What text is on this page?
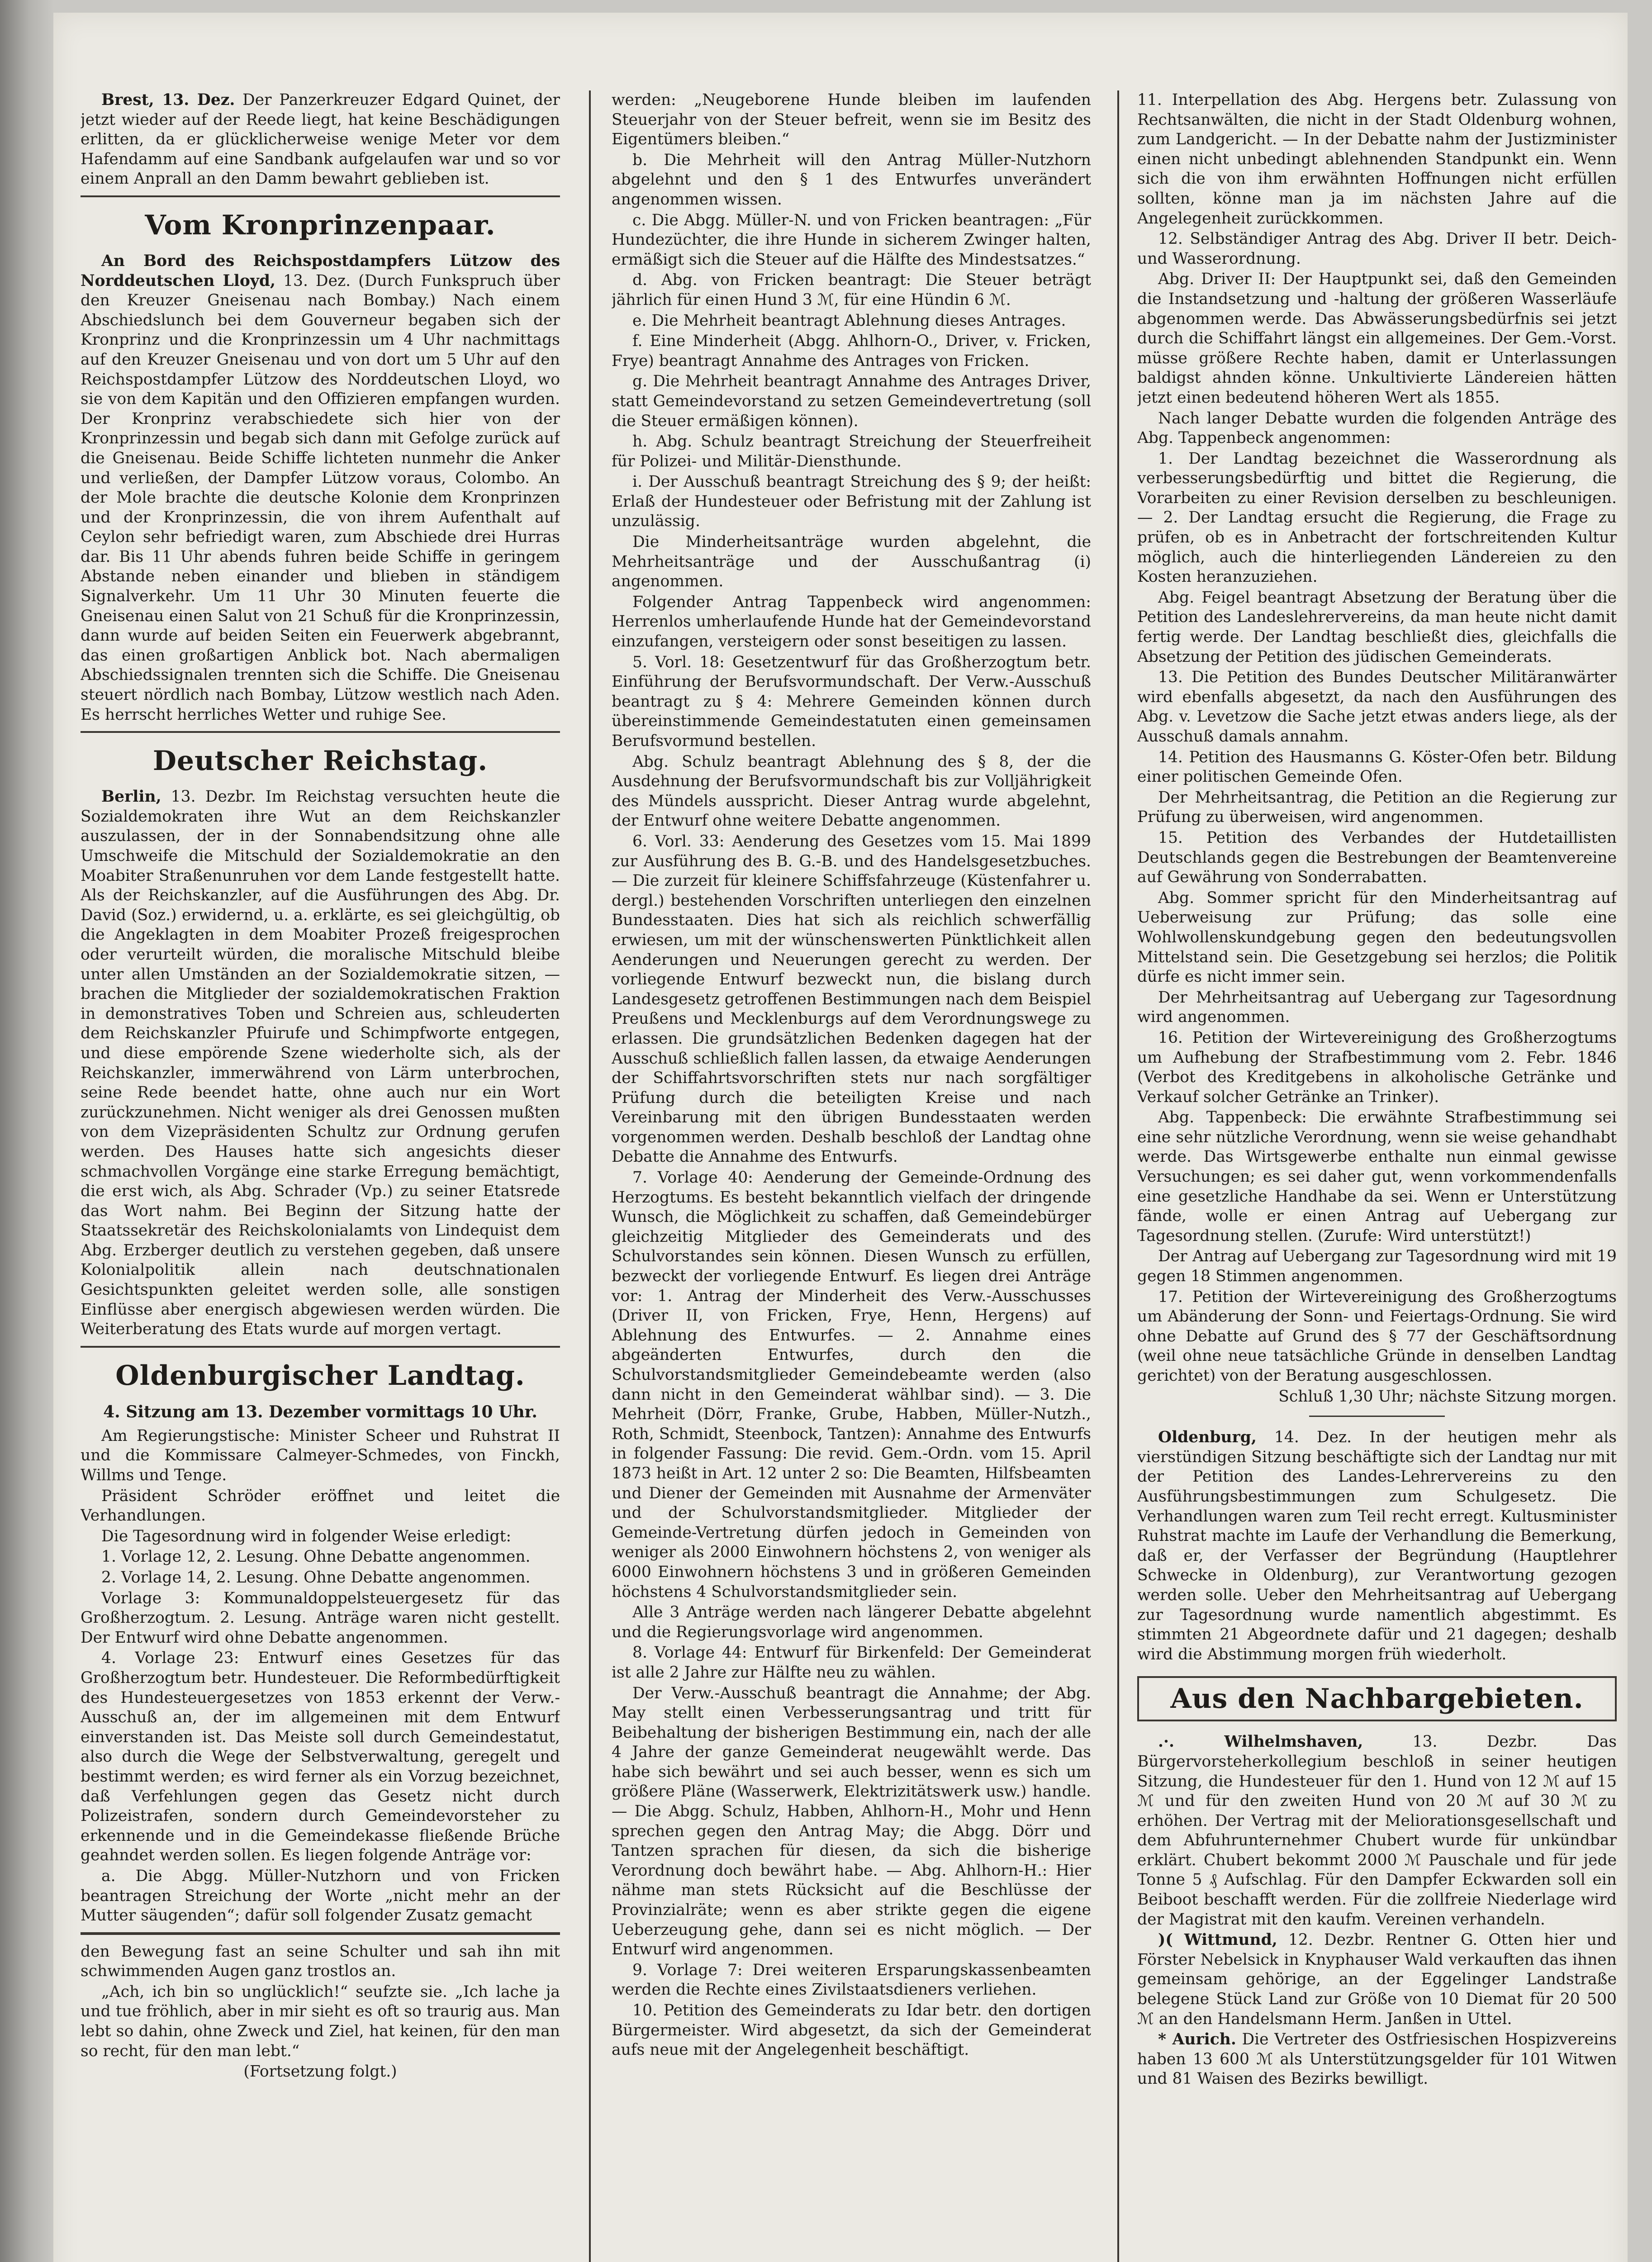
Brest, 13. Dez. Der Panzerkreuzer Edgard Quinet, der jetzt wieder auf der Reede liegt, hat keine Beschädigungen erlitten, da er glücklicherweise wenige Meter vor dem Hafendamm auf eine Sandbank aufgelaufen war und so vor einem Anprall an den Damm bewahrt geblieben ist.

Vom Kronprinzenpaar.

An Bord des Reichspostdampfers Lützow des Norddeutschen Lloyd, 13. Dez. (Durch Funkspruch über den Kreuzer Gneisenau nach Bombay.) Nach einem Abschiedslunch bei dem Gouverneur begaben sich der Kronprinz und die Kronprinzessin um 4 Uhr nachmittags auf den Kreuzer Gneisenau und von dort um 5 Uhr auf den Reichspostdampfer Lützow des Norddeutschen Lloyd, wo sie von dem Kapitän und den Offizieren empfangen wurden. Der Kronprinz verabschiedete sich hier von der Kronprinzessin und begab sich dann mit Gefolge zurück auf die Gneisenau. Beide Schiffe lichteten nunmehr die Anker und verließen, der Dampfer Lützow voraus, Colombo. An der Mole brachte die deutsche Kolonie dem Kronprinzen und der Kronprinzessin, die von ihrem Aufenthalt auf Ceylon sehr befriedigt waren, zum Abschiede drei Hurras dar. Bis 11 Uhr abends fuhren beide Schiffe in geringem Abstande neben einander und blieben in ständigem Signalverkehr. Um 11 Uhr 30 Minuten feuerte die Gneisenau einen Salut von 21 Schuß für die Kronprinzessin, dann wurde auf beiden Seiten ein Feuerwerk abgebrannt, das einen großartigen Anblick bot. Nach abermaligen Abschiedssignalen trennten sich die Schiffe. Die Gneisenau steuert nördlich nach Bombay, Lützow westlich nach Aden. Es herrscht herrliches Wetter und ruhige See.

Deutscher Reichstag.

Berlin, 13. Dezbr. Im Reichstag versuchten heute die Sozialdemokraten ihre Wut an dem Reichskanzler auszulassen, der in der Sonnabendsitzung ohne alle Umschweife die Mitschuld der Sozialdemokratie an den Moabiter Straßenunruhen vor dem Lande festgestellt hatte. Als der Reichskanzler, auf die Ausführungen des Abg. Dr. David (Soz.) erwidernd, u. a. erklärte, es sei gleichgültig, ob die Angeklagten in dem Moabiter Prozeß freigesprochen oder verurteilt würden, die moralische Mitschuld bleibe unter allen Umständen an der Sozialdemokratie sitzen, — brachen die Mitglieder der sozialdemokratischen Fraktion in demonstratives Toben und Schreien aus, schleuderten dem Reichskanzler Pfuirufe und Schimpfworte entgegen, und diese empörende Szene wiederholte sich, als der Reichskanzler, immerwährend von Lärm unterbrochen, seine Rede beendet hatte, ohne auch nur ein Wort zurückzunehmen. Nicht weniger als drei Genossen mußten von dem Vizepräsidenten Schultz zur Ordnung gerufen werden. Des Hauses hatte sich angesichts dieser schmachvollen Vorgänge eine starke Erregung bemächtigt, die erst wich, als Abg. Schrader (Vp.) zu seiner Etatsrede das Wort nahm. Bei Beginn der Sitzung hatte der Staatssekretär des Reichskolonialamts von Lindequist dem Abg. Erzberger deutlich zu verstehen gegeben, daß unsere Kolonialpolitik allein nach deutschnationalen Gesichtspunkten geleitet werden solle, alle sonstigen Einflüsse aber energisch abgewiesen werden würden. Die Weiterberatung des Etats wurde auf morgen vertagt.

Oldenburgischer Landtag.
4. Sitzung am 13. Dezember vormittags 10 Uhr.

Am Regierungstische: Minister Scheer und Ruhstrat II und die Kommissare Calmeyer-Schmedes, von Finckh, Willms und Tenge.

Präsident Schröder eröffnet und leitet die Verhandlungen.

Die Tagesordnung wird in folgender Weise erledigt:

1. Vorlage 12, 2. Lesung. Ohne Debatte angenommen.

2. Vorlage 14, 2. Lesung. Ohne Debatte angenommen.

Vorlage 3: Kommunaldoppelsteuergesetz für das Großherzogtum. 2. Lesung. Anträge waren nicht gestellt. Der Entwurf wird ohne Debatte angenommen.

4. Vorlage 23: Entwurf eines Gesetzes für das Großherzogtum betr. Hundesteuer. Die Reformbedürftigkeit des Hundesteuergesetzes von 1853 erkennt der Verw.-Ausschuß an, der im allgemeinen mit dem Entwurf einverstanden ist. Das Meiste soll durch Gemeindestatut, also durch die Wege der Selbstverwaltung, geregelt und bestimmt werden; es wird ferner als ein Vorzug bezeichnet, daß Verfehlungen gegen das Gesetz nicht durch Polizeistrafen, sondern durch Gemeindevorsteher zu erkennende und in die Gemeindekasse fließende Brüche geahndet werden sollen. Es liegen folgende Anträge vor:

a. Die Abgg. Müller-Nutzhorn und von Fricken beantragen Streichung der Worte „nicht mehr an der Mutter säugenden“; dafür soll folgender Zusatz gemacht

den Bewegung fast an seine Schulter und sah ihn mit schwimmenden Augen ganz trostlos an.

„Ach, ich bin so unglücklich!“ seufzte sie. „Ich lache ja und tue fröhlich, aber in mir sieht es oft so traurig aus. Man lebt so dahin, ohne Zweck und Ziel, hat keinen, für den man so recht, für den man lebt.“

(Fortsetzung folgt.)

werden: „Neugeborene Hunde bleiben im laufenden Steuerjahr von der Steuer befreit, wenn sie im Besitz des Eigentümers bleiben.“

b. Die Mehrheit will den Antrag Müller-Nutzhorn abgelehnt und den § 1 des Entwurfes unverändert angenommen wissen.

c. Die Abgg. Müller-N. und von Fricken beantragen: „Für Hundezüchter, die ihre Hunde in sicherem Zwinger halten, ermäßigt sich die Steuer auf die Hälfte des Mindestsatzes.“

d. Abg. von Fricken beantragt: Die Steuer beträgt jährlich für einen Hund 3 ℳ, für eine Hündin 6 ℳ.

e. Die Mehrheit beantragt Ablehnung dieses Antrages.

f. Eine Minderheit (Abgg. Ahlhorn-O., Driver, v. Fricken, Frye) beantragt Annahme des Antrages von Fricken.

g. Die Mehrheit beantragt Annahme des Antrages Driver, statt Gemeindevorstand zu setzen Gemeindevertretung (soll die Steuer ermäßigen können).

h. Abg. Schulz beantragt Streichung der Steuerfreiheit für Polizei- und Militär-Diensthunde.

i. Der Ausschuß beantragt Streichung des § 9; der heißt: Erlaß der Hundesteuer oder Befristung mit der Zahlung ist unzulässig.

Die Minderheitsanträge wurden abgelehnt, die Mehrheitsanträge und der Ausschußantrag (i) angenommen.

Folgender Antrag Tappenbeck wird angenommen: Herrenlos umherlaufende Hunde hat der Gemeindevorstand einzufangen, versteigern oder sonst beseitigen zu lassen.

5. Vorl. 18: Gesetzentwurf für das Großherzogtum betr. Einführung der Berufsvormundschaft. Der Verw.-Ausschuß beantragt zu § 4: Mehrere Gemeinden können durch übereinstimmende Gemeindestatuten einen gemeinsamen Berufsvormund bestellen.

Abg. Schulz beantragt Ablehnung des § 8, der die Ausdehnung der Berufsvormundschaft bis zur Volljährigkeit des Mündels ausspricht. Dieser Antrag wurde abgelehnt, der Entwurf ohne weitere Debatte angenommen.

6. Vorl. 33: Aenderung des Gesetzes vom 15. Mai 1899 zur Ausführung des B. G.-B. und des Handelsgesetzbuches. — Die zurzeit für kleinere Schiffsfahrzeuge (Küstenfahrer u. dergl.) bestehenden Vorschriften unterliegen den einzelnen Bundesstaaten. Dies hat sich als reichlich schwerfällig erwiesen, um mit der wünschenswerten Pünktlichkeit allen Aenderungen und Neuerungen gerecht zu werden. Der vorliegende Entwurf bezweckt nun, die bislang durch Landesgesetz getroffenen Bestimmungen nach dem Beispiel Preußens und Mecklenburgs auf dem Verordnungswege zu erlassen. Die grundsätzlichen Bedenken dagegen hat der Ausschuß schließlich fallen lassen, da etwaige Aenderungen der Schiffahrtsvorschriften stets nur nach sorgfältiger Prüfung durch die beteiligten Kreise und nach Vereinbarung mit den übrigen Bundesstaaten werden vorgenommen werden. Deshalb beschloß der Landtag ohne Debatte die Annahme des Entwurfs.

7. Vorlage 40: Aenderung der Gemeinde-Ordnung des Herzogtums. Es besteht bekanntlich vielfach der dringende Wunsch, die Möglichkeit zu schaffen, daß Gemeindebürger gleichzeitig Mitglieder des Gemeinderats und des Schulvorstandes sein können. Diesen Wunsch zu erfüllen, bezweckt der vorliegende Entwurf. Es liegen drei Anträge vor: 1. Antrag der Minderheit des Verw.-Ausschusses (Driver II, von Fricken, Frye, Henn, Hergens) auf Ablehnung des Entwurfes. — 2. Annahme eines abgeänderten Entwurfes, durch den die Schulvorstandsmitglieder Gemeindebeamte werden (also dann nicht in den Gemeinderat wählbar sind). — 3. Die Mehrheit (Dörr, Franke, Grube, Habben, Müller-Nutzh., Roth, Schmidt, Steenbock, Tantzen): Annahme des Entwurfs in folgender Fassung: Die revid. Gem.-Ordn. vom 15. April 1873 heißt in Art. 12 unter 2 so: Die Beamten, Hilfsbeamten und Diener der Gemeinden mit Ausnahme der Armenväter und der Schulvorstandsmitglieder. Mitglieder der Gemeinde-Vertretung dürfen jedoch in Gemeinden von weniger als 2000 Einwohnern höchstens 2, von weniger als 6000 Einwohnern höchstens 3 und in größeren Gemeinden höchstens 4 Schulvorstandsmitglieder sein.

Alle 3 Anträge werden nach längerer Debatte abgelehnt und die Regierungsvorlage wird angenommen.

8. Vorlage 44: Entwurf für Birkenfeld: Der Gemeinderat ist alle 2 Jahre zur Hälfte neu zu wählen.

Der Verw.-Ausschuß beantragt die Annahme; der Abg. May stellt einen Verbesserungsantrag und tritt für Beibehaltung der bisherigen Bestimmung ein, nach der alle 4 Jahre der ganze Gemeinderat neugewählt werde. Das habe sich bewährt und sei auch besser, wenn es sich um größere Pläne (Wasserwerk, Elektrizitätswerk usw.) handle. — Die Abgg. Schulz, Habben, Ahlhorn-H., Mohr und Henn sprechen gegen den Antrag May; die Abgg. Dörr und Tantzen sprachen für diesen, da sich die bisherige Verordnung doch bewährt habe. — Abg. Ahlhorn-H.: Hier nähme man stets Rücksicht auf die Beschlüsse der Provinzialräte; wenn es aber strikte gegen die eigene Ueberzeugung gehe, dann sei es nicht möglich. — Der Entwurf wird angenommen.

9. Vorlage 7: Drei weiteren Ersparungskassenbeamten werden die Rechte eines Zivilstaatsdieners verliehen.

10. Petition des Gemeinderats zu Idar betr. den dortigen Bürgermeister. Wird abgesetzt, da sich der Gemeinderat aufs neue mit der Angelegenheit beschäftigt.

11. Interpellation des Abg. Hergens betr. Zulassung von Rechtsanwälten, die nicht in der Stadt Oldenburg wohnen, zum Landgericht. — In der Debatte nahm der Justizminister einen nicht unbedingt ablehnenden Standpunkt ein. Wenn sich die von ihm erwähnten Hoffnungen nicht erfüllen sollten, könne man ja im nächsten Jahre auf die Angelegenheit zurückkommen.

12. Selbständiger Antrag des Abg. Driver II betr. Deich- und Wasserordnung.

Abg. Driver II: Der Hauptpunkt sei, daß den Gemeinden die Instandsetzung und -haltung der größeren Wasserläufe abgenommen werde. Das Abwässerungsbedürfnis sei jetzt durch die Schiffahrt längst ein allgemeines. Der Gem.-Vorst. müsse größere Rechte haben, damit er Unterlassungen baldigst ahnden könne. Unkultivierte Ländereien hätten jetzt einen bedeutend höheren Wert als 1855.

Nach langer Debatte wurden die folgenden Anträge des Abg. Tappenbeck angenommen:

1. Der Landtag bezeichnet die Wasserordnung als verbesserungsbedürftig und bittet die Regierung, die Vorarbeiten zu einer Revision derselben zu beschleunigen. — 2. Der Landtag ersucht die Regierung, die Frage zu prüfen, ob es in Anbetracht der fortschreitenden Kultur möglich, auch die hinterliegenden Ländereien zu den Kosten heranzuziehen.

Abg. Feigel beantragt Absetzung der Beratung über die Petition des Landeslehrervereins, da man heute nicht damit fertig werde. Der Landtag beschließt dies, gleichfalls die Absetzung der Petition des jüdischen Gemeinderats.

13. Die Petition des Bundes Deutscher Militäranwärter wird ebenfalls abgesetzt, da nach den Ausführungen des Abg. v. Levetzow die Sache jetzt etwas anders liege, als der Ausschuß damals annahm.

14. Petition des Hausmanns G. Köster-Ofen betr. Bildung einer politischen Gemeinde Ofen.

Der Mehrheitsantrag, die Petition an die Regierung zur Prüfung zu überweisen, wird angenommen.

15. Petition des Verbandes der Hutdetaillisten Deutschlands gegen die Bestrebungen der Beamtenvereine auf Gewährung von Sonderrabatten.

Abg. Sommer spricht für den Minderheitsantrag auf Ueberweisung zur Prüfung; das solle eine Wohlwollenskundgebung gegen den bedeutungsvollen Mittelstand sein. Die Gesetzgebung sei herzlos; die Politik dürfe es nicht immer sein.

Der Mehrheitsantrag auf Uebergang zur Tagesordnung wird angenommen.

16. Petition der Wirtevereinigung des Großherzogtums um Aufhebung der Strafbestimmung vom 2. Febr. 1846 (Verbot des Kreditgebens in alkoholische Getränke und Verkauf solcher Getränke an Trinker).

Abg. Tappenbeck: Die erwähnte Strafbestimmung sei eine sehr nützliche Verordnung, wenn sie weise gehandhabt werde. Das Wirtsgewerbe enthalte nun einmal gewisse Versuchungen; es sei daher gut, wenn vorkommendenfalls eine gesetzliche Handhabe da sei. Wenn er Unterstützung fände, wolle er einen Antrag auf Uebergang zur Tagesordnung stellen. (Zurufe: Wird unterstützt!)

Der Antrag auf Uebergang zur Tagesordnung wird mit 19 gegen 18 Stimmen angenommen.

17. Petition der Wirtevereinigung des Großherzogtums um Abänderung der Sonn- und Feiertags-Ordnung. Sie wird ohne Debatte auf Grund des § 77 der Geschäftsordnung (weil ohne neue tatsächliche Gründe in denselben Landtag gerichtet) von der Beratung ausgeschlossen.

Schluß 1,30 Uhr; nächste Sitzung morgen.

Oldenburg, 14. Dez. In der heutigen mehr als vierstündigen Sitzung beschäftigte sich der Landtag nur mit der Petition des Landes-Lehrervereins zu den Ausführungsbestimmungen zum Schulgesetz. Die Verhandlungen waren zum Teil recht erregt. Kultusminister Ruhstrat machte im Laufe der Verhandlung die Bemerkung, daß er, der Verfasser der Begründung (Hauptlehrer Schwecke in Oldenburg), zur Verantwortung gezogen werden solle. Ueber den Mehrheitsantrag auf Uebergang zur Tagesordnung wurde namentlich abgestimmt. Es stimmten 21 Abgeordnete dafür und 21 dagegen; deshalb wird die Abstimmung morgen früh wiederholt.

Aus den Nachbargebieten.

.·. Wilhelmshaven,	13. Dezbr. Das Bürgervorsteherkollegium beschloß in seiner heutigen Sitzung, die Hundesteuer für den 1. Hund von 12 ℳ auf 15 ℳ und für den zweiten Hund von 20 ℳ auf 30 ℳ zu erhöhen. Der Vertrag mit der Meliorationsgesellschaft und dem Abfuhrunternehmer Chubert wurde für unkündbar erklärt. Chubert bekommt 2000 ℳ Pauschale und für jede Tonne 5 ₰ Aufschlag. Für den Dampfer Eckwarden soll ein Beiboot beschafft werden. Für die zollfreie Niederlage wird der Magistrat mit den kaufm. Vereinen verhandeln.

)( Wittmund, 12. Dezbr. Rentner G. Otten hier und Förster Nebelsick in Knyphauser Wald verkauften das ihnen gemeinsam gehörige, an der Eggelinger Landstraße belegene Stück Land zur Größe von 10 Diemat für 20 500 ℳ an den Handelsmann Herm. Janßen in Uttel.

* Aurich. Die Vertreter des Ostfriesischen Hospizvereins haben 13 600 ℳ als Unterstützungsgelder für 101 Witwen und 81 Waisen des Bezirks bewilligt.
